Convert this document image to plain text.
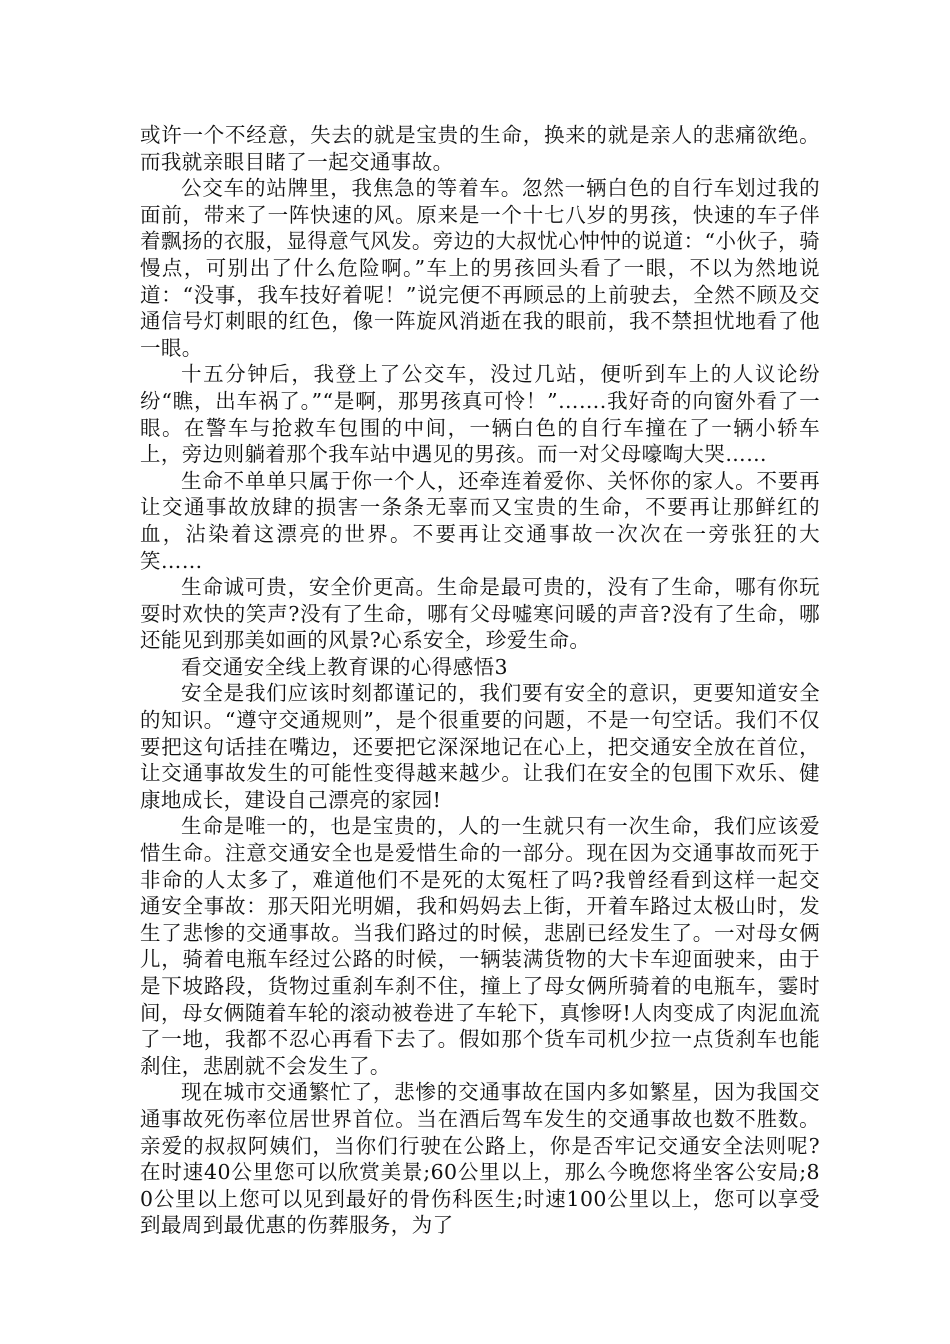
或许一个不经意，失去的就是宝贵的生命，换来的就是亲人的悲痛欲绝。而我就亲眼目睹了一起交通事故。

公交车的站牌里，我焦急的等着车。忽然一辆白色的自行车划过我的面前，带来了一阵快速的风。原来是一个十七八岁的男孩，快速的车子伴着飘扬的衣服，显得意气风发。旁边的大叔忧心忡忡的说道：“小伙子，骑慢点，可别出了什么危险啊。”车上的男孩回头看了一眼，不以为然地说道：“没事，我车技好着呢！”说完便不再顾忌的上前驶去，全然不顾及交通信号灯刺眼的红色，像一阵旋风消逝在我的眼前，我不禁担忧地看了他一眼。

十五分钟后，我登上了公交车，没过几站，便听到车上的人议论纷纷“瞧，出车祸了。”“是啊，那男孩真可怜！”…….我好奇的向窗外看了一眼。在警车与抢救车包围的中间，一辆白色的自行车撞在了一辆小轿车上，旁边则躺着那个我车站中遇见的男孩。而一对父母嚎啕大哭……

生命不单单只属于你一个人，还牵连着爱你、关怀你的家人。不要再让交通事故放肆的损害一条条无辜而又宝贵的生命，不要再让那鲜红的血，沾染着这漂亮的世界。不要再让交通事故一次次在一旁张狂的大笑……

生命诚可贵，安全价更高。生命是最可贵的，没有了生命，哪有你玩耍时欢快的笑声?没有了生命，哪有父母嘘寒问暖的声音?没有了生命，哪还能见到那美如画的风景?心系安全，珍爱生命。

看交通安全线上教育课的心得感悟3

安全是我们应该时刻都谨记的，我们要有安全的意识，更要知道安全的知识。“遵守交通规则”，是个很重要的问题，不是一句空话。我们不仅要把这句话挂在嘴边，还要把它深深地记在心上，把交通安全放在首位，让交通事故发生的可能性变得越来越少。让我们在安全的包围下欢乐、健康地成长，建设自己漂亮的家园!

生命是唯一的，也是宝贵的，人的一生就只有一次生命，我们应该爱惜生命。注意交通安全也是爱惜生命的一部分。现在因为交通事故而死于非命的人太多了，难道他们不是死的太冤枉了吗?我曾经看到这样一起交通安全事故：那天阳光明媚，我和妈妈去上街，开着车路过太极山时，发生了悲惨的交通事故。当我们路过的时候，悲剧已经发生了。一对母女俩儿，骑着电瓶车经过公路的时候，一辆装满货物的大卡车迎面驶来，由于是下坡路段，货物过重刹车刹不住，撞上了母女俩所骑着的电瓶车，霎时间，母女俩随着车轮的滚动被卷进了车轮下，真惨呀!人肉变成了肉泥血流了一地，我都不忍心再看下去了。假如那个货车司机少拉一点货刹车也能刹住，悲剧就不会发生了。

现在城市交通繁忙了，悲惨的交通事故在国内多如繁星，因为我国交通事故死伤率位居世界首位。当在酒后驾车发生的交通事故也数不胜数。亲爱的叔叔阿姨们，当你们行驶在公路上，你是否牢记交通安全法则呢?在时速40公里您可以欣赏美景;60公里以上，那么今晚您将坐客公安局;80公里以上您可以见到最好的骨伤科医生;时速100公里以上，您可以享受到最周到最优惠的伤葬服务，为了
